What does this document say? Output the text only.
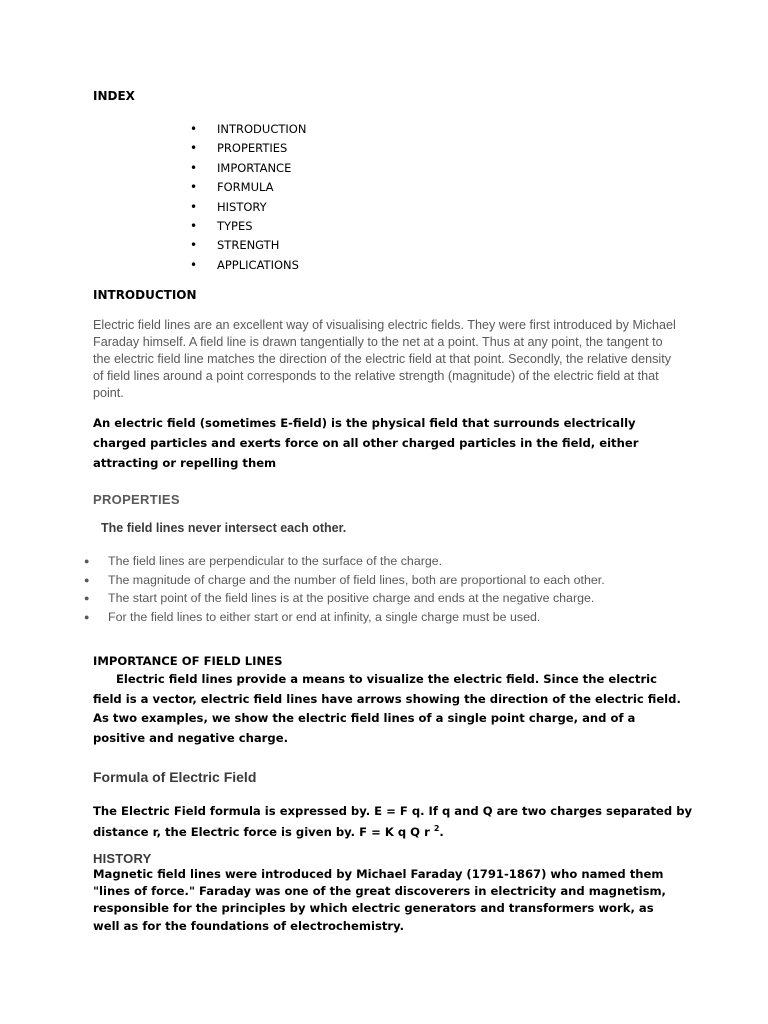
INDEX
• INTRODUCTION
• PROPERTIES
• IMPORTANCE
• FORMULA
• HISTORY
• TYPES
• STRENGTH
• APPLICATIONS
INTRODUCTION
Electric field lines are an excellent way of visualising electric fields. They were first introduced by Michael Faraday himself. A field line is drawn tangentially to the net at a point. Thus at any point, the tangent to the electric field line matches the direction of the electric field at that point. Secondly, the relative density of field lines around a point corresponds to the relative strength (magnitude) of the electric field at that point.
An electric field (sometimes E-field) is the physical field that surrounds electrically charged particles and exerts force on all other charged particles in the field, either attracting or repelling them
PROPERTIES
The field lines never intersect each other.
● The field lines are perpendicular to the surface of the charge.
● The magnitude of charge and the number of field lines, both are proportional to each other.
● The start point of the field lines is at the positive charge and ends at the negative charge.
● For the field lines to either start or end at infinity, a single charge must be used.
IMPORTANCE OF FIELD LINES
Electric field lines provide a means to visualize the electric field. Since the electric field is a vector, electric field lines have arrows showing the direction of the electric field. As two examples, we show the electric field lines of a single point charge, and of a positive and negative charge.
Formula of Electric Field
The Electric Field formula is expressed by. E = F q. If q and Q are two charges separated by distance r, the Electric force is given by. F = K q Q r $^2$.
HISTORY
Magnetic field lines were introduced by Michael Faraday (1791-1867) who named them "lines of force." Faraday was one of the great discoverers in electricity and magnetism, responsible for the principles by which electric generators and transformers work, as well as for the foundations of electrochemistry.
